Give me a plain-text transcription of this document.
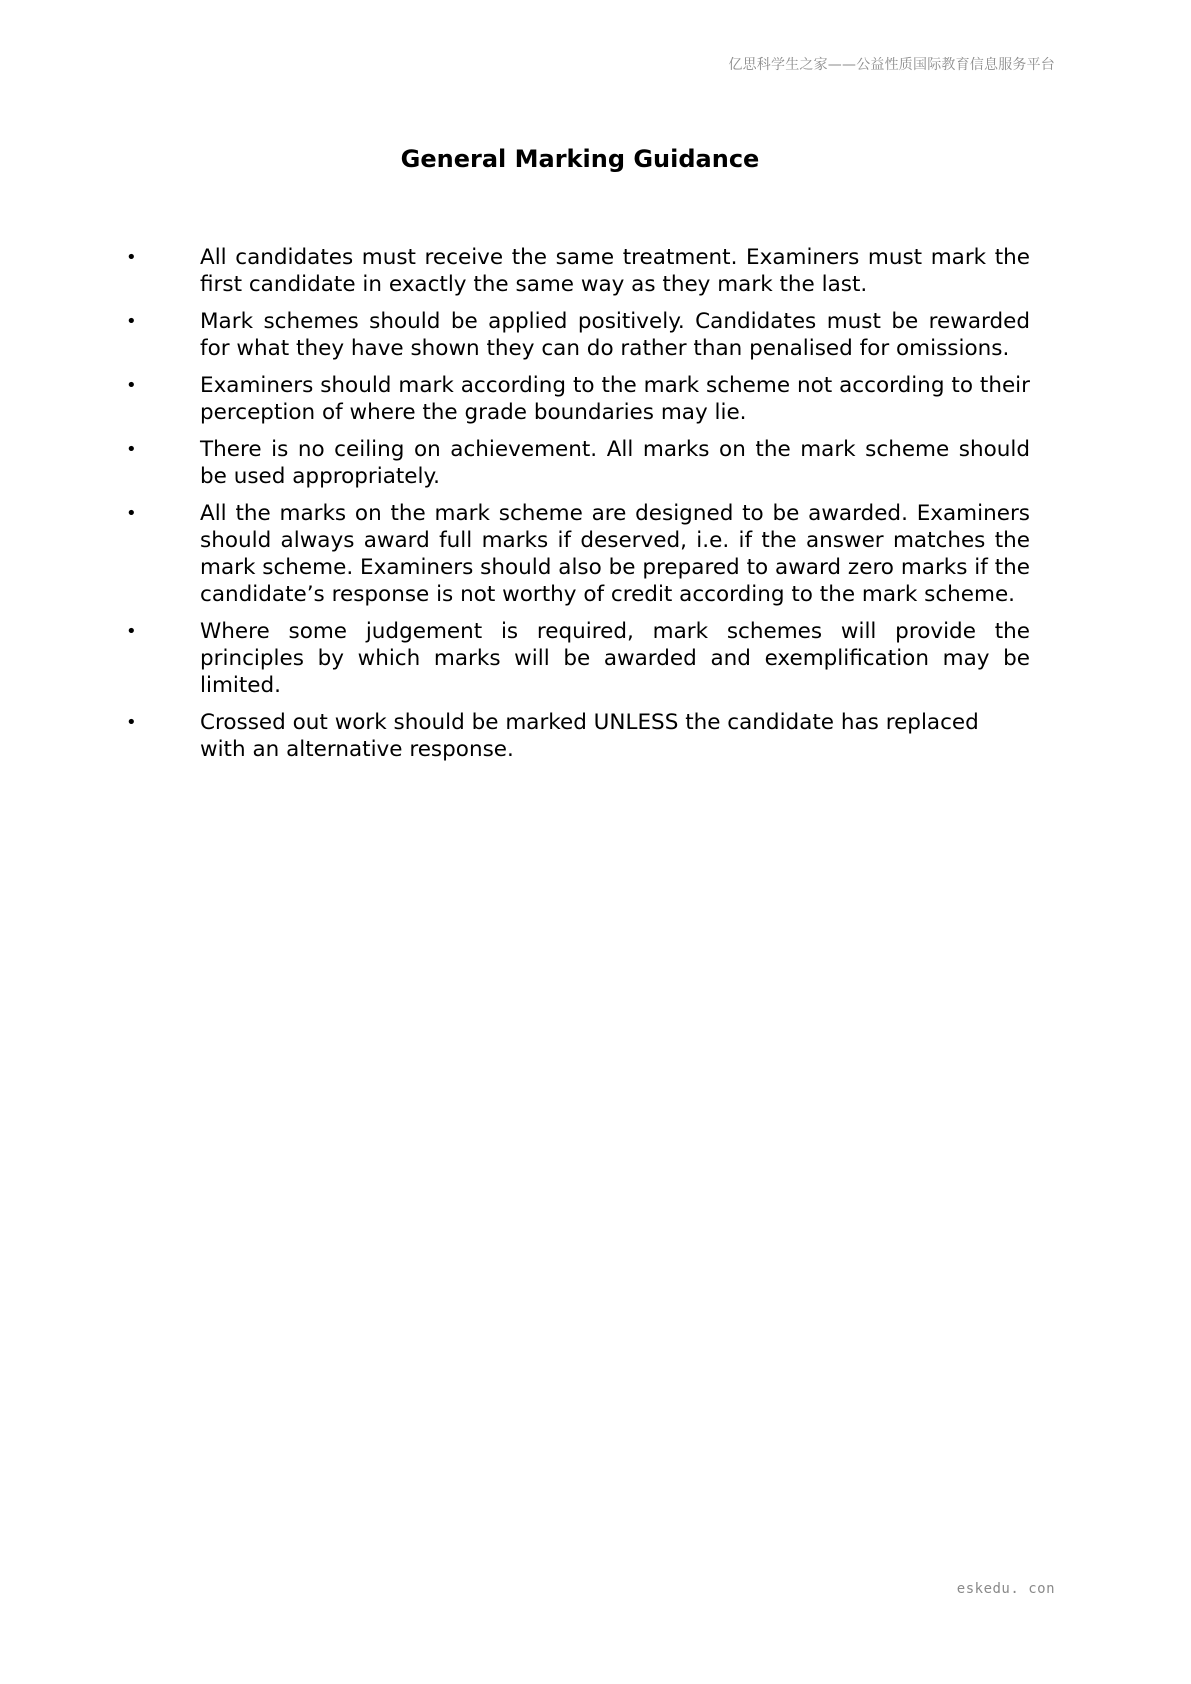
亿思科学生之家——公益性质国际教育信息服务平台
General Marking Guidance
•	All candidates must receive the same treatment. Examiners must mark the first candidate in exactly the same way as they mark the last.
•	Mark schemes should be applied positively. Candidates must be rewarded for what they have shown they can do rather than penalised for omissions.
•	Examiners should mark according to the mark scheme not according to their perception of where the grade boundaries may lie.
•	There is no ceiling on achievement. All marks on the mark scheme should be used appropriately.
•	All the marks on the mark scheme are designed to be awarded. Examiners should always award full marks if deserved, i.e. if the answer matches the mark scheme. Examiners should also be prepared to award zero marks if the candidate’s response is not worthy of credit according to the mark scheme.
•	Where some judgement is required, mark schemes will provide the principles by which marks will be awarded and exemplification may be limited.
•	Crossed out work should be marked UNLESS the candidate has replaced with an alternative response.
eskedu. con
